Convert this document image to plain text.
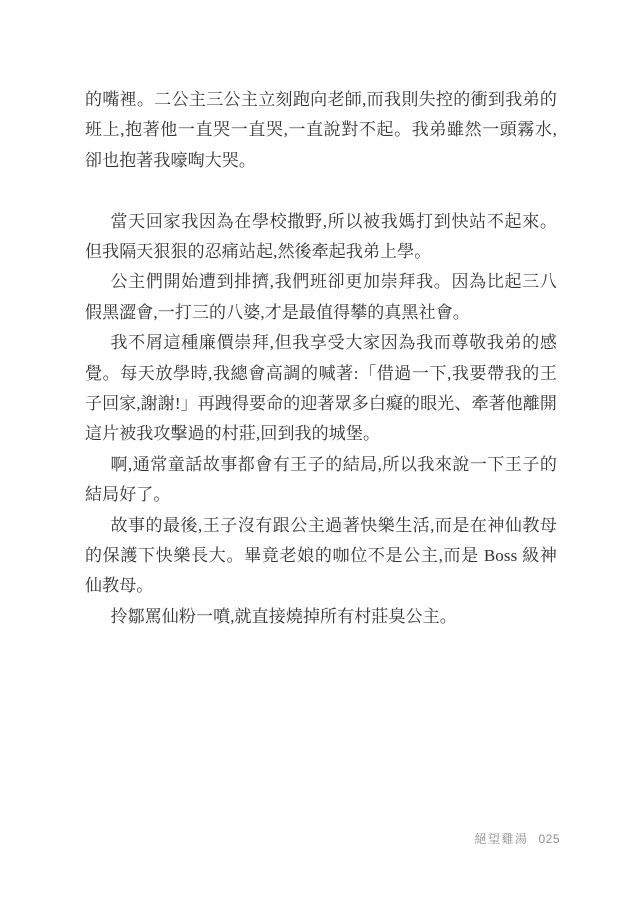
的嘴裡。二公主三公主立刻跑向老師,而我則失控的衝到我弟的班上,抱著他一直哭一直哭,一直說對不起。我弟雖然一頭霧水,卻也抱著我嚎啕大哭。

當天回家我因為在學校撒野,所以被我媽打到快站不起來。但我隔天狠狠的忍痛站起,然後牽起我弟上學。

公主們開始遭到排擠,我們班卻更加崇拜我。因為比起三八假黑澀會,一打三的八婆,才是最值得攀的真黑社會。

我不屑這種廉價崇拜,但我享受大家因為我而尊敬我弟的感覺。每天放學時,我總會高調的喊著:「借過一下,我要帶我的王子回家,謝謝!」再跩得要命的迎著眾多白癡的眼光、牽著他離開這片被我攻擊過的村莊,回到我的城堡。

啊,通常童話故事都會有王子的結局,所以我來說一下王子的結局好了。

故事的最後,王子沒有跟公主過著快樂生活,而是在神仙教母的保護下快樂長大。畢竟老娘的咖位不是公主,而是 Boss 級神仙教母。

拎鄒罵仙粉一噴,就直接燒掉所有村莊臭公主。

絕望雞湯 025
